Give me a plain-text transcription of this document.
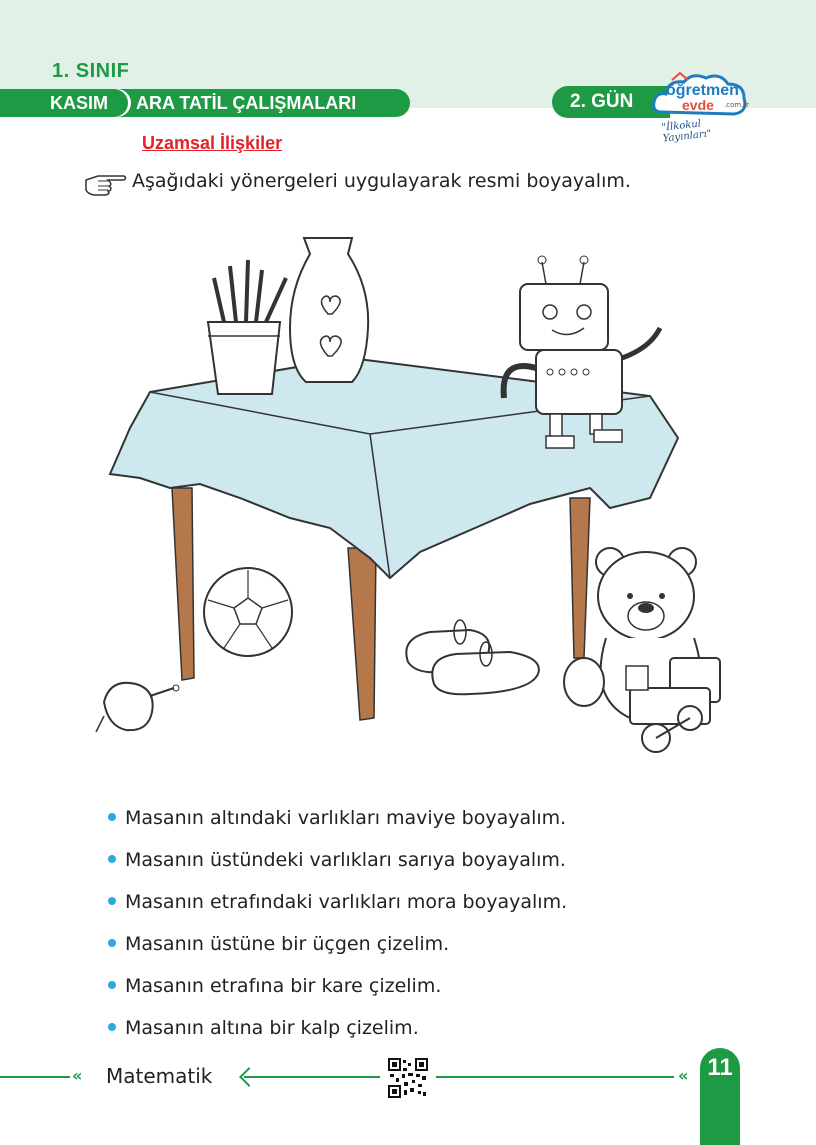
1. SINIF
KASIM	ARA TATİL ÇALIŞMALARI	2. GÜN
öğretmen
evde .com.tr
"İlkokul Yayınları"
Uzamsal İlişkiler
Aşağıdaki yönergeleri uygulayarak resmi boyayalım.
Masanın altındaki varlıkları maviye boyayalım.
Masanın üstündeki varlıkları sarıya boyayalım.
Masanın etrafındaki varlıkları mora boyayalım.
Masanın üstüne bir üçgen çizelim.
Masanın etrafına bir kare çizelim.
Masanın altına bir kalp çizelim.
« Matematik	« 11
